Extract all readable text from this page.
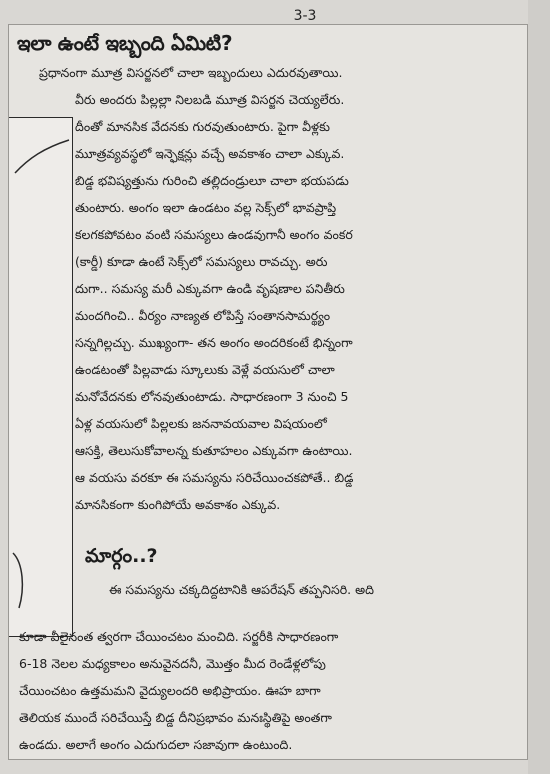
3-3
ఇలా ఉంటే ఇబ్బంది ఏమిటి?
ప్రధానంగా మూత్ర విసర్జనలో చాలా ఇబ్బందులు ఎదురవుతాయి.
వీరు అందరు పిల్లల్లా నిలబడి మూత్ర విసర్జన చెయ్యలేరు.
దీంతో మానసిక వేదనకు గురవుతుంటారు. పైగా వీళ్లకు
మూత్రవ్యవస్థలో ఇన్ఫెక్షన్లు వచ్చే అవకాశం చాలా ఎక్కువ.
బిడ్డ భవిష్యత్తును గురించి తల్లిదండ్రులూ చాలా భయపడు
తుంటారు. అంగం ఇలా ఉండటం వల్ల సెక్స్‌లో భావప్రాప్తి
కలగకపోవటం వంటి సమస్యలు ఉండవుగానీ అంగం వంకర
(కార్డీ) కూడా ఉంటే సెక్స్‌లో సమస్యలు రావచ్చు. అరు
దుగా.. సమస్య మరీ ఎక్కువగా ఉండి వృషణాల పనితీరు
మందగించి.. వీర్యం నాణ్యత లోపిస్తే సంతానసామర్థ్యం
సన్నగిల్లచ్చు. ముఖ్యంగా- తన అంగం అందరికంటే భిన్నంగా
ఉండటంతో పిల్లవాడు స్కూలుకు వెళ్లే వయసులో చాలా
మనోవేదనకు లోనవుతుంటాడు. సాధారణంగా 3 నుంచి 5
ఏళ్ల వయసులో పిల్లలకు జననావయవాల విషయంలో
ఆసక్తి, తెలుసుకోవాలన్న కుతూహలం ఎక్కువగా ఉంటాయి.
ఆ వయసు వరకూ ఈ సమస్యను సరిచేయించకపోతే.. బిడ్డ
మానసికంగా కుంగిపోయే అవకాశం ఎక్కువ.
మార్గం..?
ఈ సమస్యను చక్కదిద్దటానికి ఆపరేషన్ తప్పనిసరి. అది
కూడా వీలైనంత త్వరగా చేయించటం మంచిది. సర్జరీకి సాధారణంగా
6-18 నెలల మధ్యకాలం అనువైనదనీ, మొత్తం మీద రెండేళ్లలోపు
చేయించటం ఉత్తమమని వైద్యులందరి అభిప్రాయం. ఊహ బాగా
తెలియక ముందే సరిచేయిస్తే బిడ్డ దీనిప్రభావం మనఃస్థితిపై అంతగా
ఉండదు. అలాగే అంగం ఎదుగుదలా సజావుగా ఉంటుంది.
